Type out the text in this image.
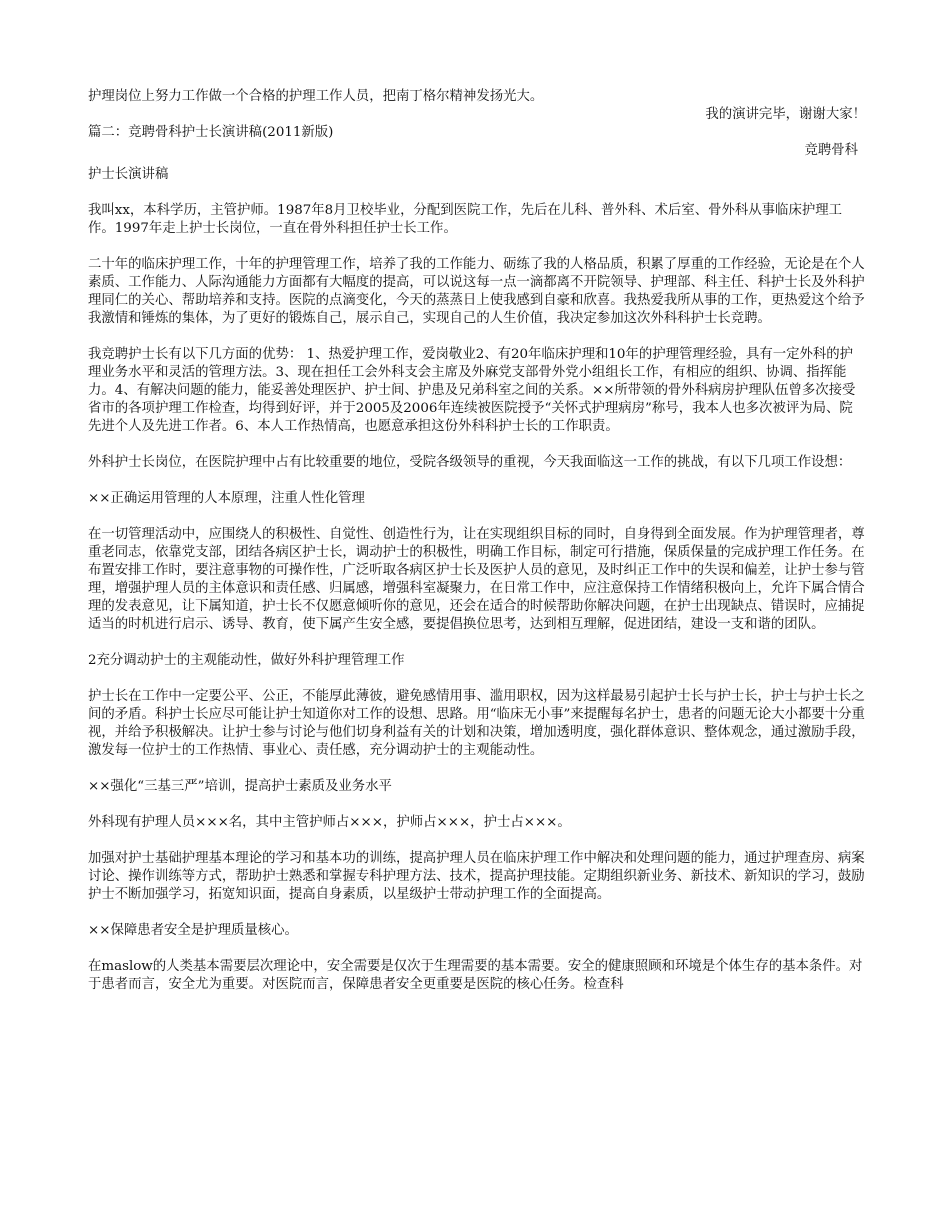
护理岗位上努力工作做一个合格的护理工作人员，把南丁格尔精神发扬光大。

我的演讲完毕，谢谢大家！

篇二：竞聘骨科护士长演讲稿(2011新版)

竞聘骨科

护士长演讲稿

我叫xx，本科学历，主管护师。1987年8月卫校毕业，分配到医院工作，先后在儿科、普外科、术后室、骨外科从事临床护理工作。1997年走上护士长岗位，一直在骨外科担任护士长工作。

二十年的临床护理工作，十年的护理管理工作，培养了我的工作能力、砺练了我的人格品质，积累了厚重的工作经验，无论是在个人素质、工作能力、人际沟通能力方面都有大幅度的提高，可以说这每一点一滴都离不开院领导、护理部、科主任、科护士长及外科护理同仁的关心、帮助培养和支持。医院的点滴变化，今天的蒸蒸日上使我感到自豪和欣喜。我热爱我所从事的工作，更热爱这个给予我激情和锤炼的集体，为了更好的锻炼自己，展示自己，实现自己的人生价值，我决定参加这次外科科护士长竞聘。

我竞聘护士长有以下几方面的优势： 1、热爱护理工作，爱岗敬业2、有20年临床护理和10年的护理管理经验，具有一定外科的护理业务水平和灵活的管理方法。3、现在担任工会外科支会主席及外麻党支部骨外党小组组长工作，有相应的组织、协调、指挥能力。4、有解决问题的能力，能妥善处理医护、护士间、护患及兄弟科室之间的关系。××所带领的骨外科病房护理队伍曾多次接受省市的各项护理工作检查，均得到好评，并于2005及2006年连续被医院授予“关怀式护理病房”称号，我本人也多次被评为局、院先进个人及先进工作者。6、本人工作热情高，也愿意承担这份外科科护士长的工作职责。

外科护士长岗位，在医院护理中占有比较重要的地位，受院各级领导的重视，今天我面临这一工作的挑战，有以下几项工作设想：

××正确运用管理的人本原理，注重人性化管理

在一切管理活动中，应围绕人的积极性、自觉性、创造性行为，让在实现组织目标的同时，自身得到全面发展。作为护理管理者，尊重老同志，依靠党支部，团结各病区护士长，调动护士的积极性，明确工作目标，制定可行措施，保质保量的完成护理工作任务。在布置安排工作时，要注意事物的可操作性，广泛听取各病区护士长及医护人员的意见，及时纠正工作中的失误和偏差，让护士参与管理，增强护理人员的主体意识和责任感、归属感，增强科室凝聚力，在日常工作中，应注意保持工作情绪积极向上，允许下属合情合理的发表意见，让下属知道，护士长不仅愿意倾听你的意见，还会在适合的时候帮助你解决问题，在护士出现缺点、错误时，应捕捉适当的时机进行启示、诱导、教育，使下属产生安全感，要提倡换位思考，达到相互理解，促进团结，建设一支和谐的团队。

2充分调动护士的主观能动性，做好外科护理管理工作

护士长在工作中一定要公平、公正，不能厚此薄彼，避免感情用事、滥用职权，因为这样最易引起护士长与护士长，护士与护士长之间的矛盾。科护士长应尽可能让护士知道你对工作的设想、思路。用“临床无小事”来提醒每名护士，患者的问题无论大小都要十分重视，并给予积极解决。让护士参与讨论与他们切身利益有关的计划和决策，增加透明度，强化群体意识、整体观念，通过激励手段，激发每一位护士的工作热情、事业心、责任感，充分调动护士的主观能动性。

××强化“三基三严”培训，提高护士素质及业务水平

外科现有护理人员×××名，其中主管护师占×××，护师占×××，护士占×××。

加强对护士基础护理基本理论的学习和基本功的训练，提高护理人员在临床护理工作中解决和处理问题的能力，通过护理查房、病案讨论、操作训练等方式，帮助护士熟悉和掌握专科护理方法、技术，提高护理技能。定期组织新业务、新技术、新知识的学习，鼓励护士不断加强学习，拓宽知识面，提高自身素质，以星级护士带动护理工作的全面提高。

××保障患者安全是护理质量核心。

在maslow的人类基本需要层次理论中，安全需要是仅次于生理需要的基本需要。安全的健康照顾和环境是个体生存的基本条件。对于患者而言，安全尤为重要。对医院而言，保障患者安全更重要是医院的核心任务。检查科
